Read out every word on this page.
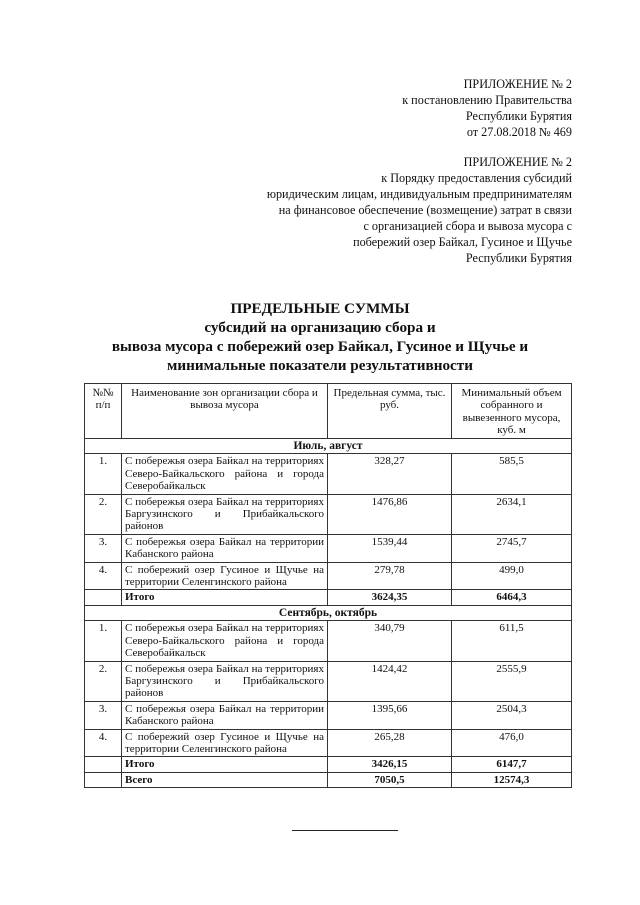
ПРИЛОЖЕНИЕ № 2
к постановлению Правительства
Республики Бурятия
от 27.08.2018 № 469
ПРИЛОЖЕНИЕ № 2
к Порядку предоставления субсидий
юридическим лицам, индивидуальным предпринимателям
на финансовое обеспечение (возмещение) затрат в связи
с организацией сбора и вывоза мусора с
побережий озер Байкал, Гусиное и Щучье
Республики Бурятия
ПРЕДЕЛЬНЫЕ СУММЫ
субсидий на организацию сбора и
вывоза мусора с побережий озер Байкал, Гусиное и Щучье и
минимальные показатели результативности
№№ п/п	Наименование зон организации сбора и вывоза мусора	Предельная сумма, тыс. руб.	Минимальный объем собранного и вывезенного мусора, куб. м
Июль, август			
1.	С побережья озера Байкал на территориях Северо-Байкальского района и города Северобайкальск	328,27	585,5
2.	С побережья озера Байкал на территориях Баргузинского и Прибайкальского районов	1476,86	2634,1
3.	С побережья озера Байкал на территории Кабанского района	1539,44	2745,7
4.	С побережий озер Гусиное и Щучье на территории Селенгинского района	279,78	499,0
	Итого	3624,35	6464,3
Сентябрь, октябрь			
1.	С побережья озера Байкал на территориях Северо-Байкальского района и города Северобайкальск	340,79	611,5
2.	С побережья озера Байкал на территориях Баргузинского и Прибайкальского районов	1424,42	2555,9
3.	С побережья озера Байкал на территории Кабанского района	1395,66	2504,3
4.	С побережий озер Гусиное и Щучье на территории Селенгинского района	265,28	476,0
	Итого	3426,15	6147,7
	Всего	7050,5	12574,3
